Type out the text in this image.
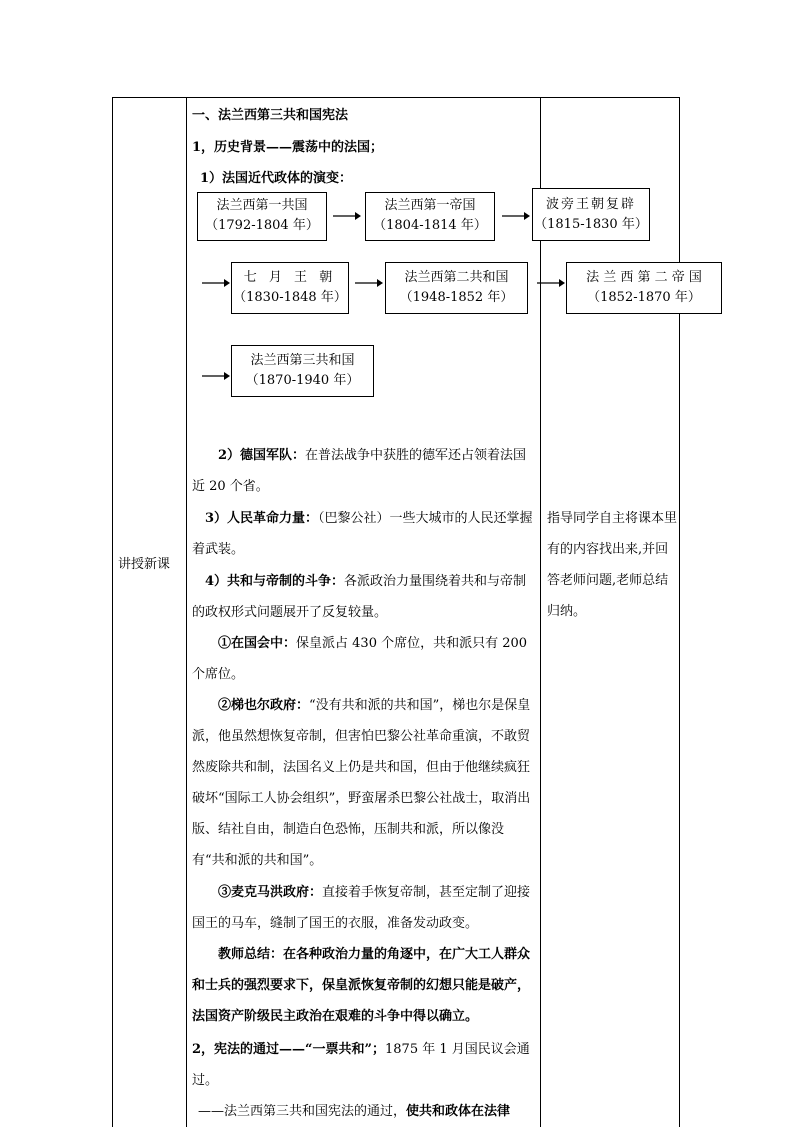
讲授新课
指导同学自主将课本里有的内容找出来,并回答老师问题,老师总结归纳。
一、法兰西第三共和国宪法
1，历史背景——震荡中的法国；
1）法国近代政体的演变：
法兰西第一共国
（1792-1804 年）
法兰西第一帝国
（1804-1814 年）
波旁王朝复辟
（1815-1830 年）
七 月 王 朝
（1830-1848 年）
法兰西第二共和国
（1948-1852 年）
法 兰 西 第 二 帝 国
（1852-1870 年）
法兰西第三共和国
（1870-1940 年）
2）德国军队：在普法战争中获胜的德军还占领着法国近 20 个省。
3）人民革命力量：（巴黎公社）一些大城市的人民还掌握着武装。
4）共和与帝制的斗争：各派政治力量围绕着共和与帝制的政权形式问题展开了反复较量。
①在国会中：保皇派占 430 个席位，共和派只有 200 个席位。
②梯也尔政府：“没有共和派的共和国”，梯也尔是保皇派，他虽然想恢复帝制，但害怕巴黎公社革命重演，不敢贸然废除共和制，法国名义上仍是共和国，但由于他继续疯狂破坏“国际工人协会组织”，野蛮屠杀巴黎公社战士，取消出版、结社自由，制造白色恐怖，压制共和派，所以像没有“共和派的共和国”。
③麦克马洪政府：直接着手恢复帝制，甚至定制了迎接国王的马车，缝制了国王的衣服，准备发动政变。
教师总结：在各种政治力量的角逐中，在广大工人群众和士兵的强烈要求下，保皇派恢复帝制的幻想只能是破产，法国资产阶级民主政治在艰难的斗争中得以确立。
2，宪法的通过——“一票共和”；1875 年 1 月国民议会通过。
——法兰西第三共和国宪法的通过，使共和政体在法律
